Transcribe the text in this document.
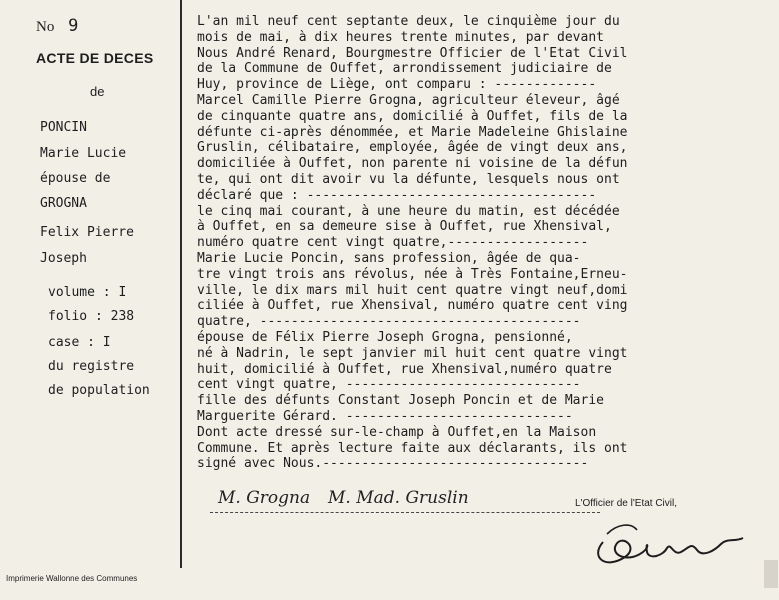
No 9
ACTE DE DECES
de
PONCIN
Marie Lucie
épouse de
GROGNA
Felix Pierre
Joseph
volume : I
folio : 238
case : I
du registre
de population
L'an mil neuf cent septante deux, le cinquième jour du
mois de mai, à dix heures trente minutes, par devant
Nous André Renard, Bourgmestre Officier de l'Etat Civil
de la Commune de Ouffet, arrondissement judiciaire de
Huy, province de Liège, ont comparu : -------------
Marcel Camille Pierre Grogna, agriculteur éleveur, âgé
de cinquante quatre ans, domicilié à Ouffet, fils de la
défunte ci-après dénommée, et Marie Madeleine Ghislaine
Gruslin, célibataire, employée, âgée de vingt deux ans,
domiciliée à Ouffet, non parente ni voisine de la défun
te, qui ont dit avoir vu la défunte, lesquels nous ont
déclaré que : -------------------------------------
le cinq mai courant, à une heure du matin, est décédée
à Ouffet, en sa demeure sise à Ouffet, rue Xhensival,
numéro quatre cent vingt quatre,------------------
Marie Lucie Poncin, sans profession, âgée de qua-
tre vingt trois ans révolus, née à Très Fontaine,Erneu-
ville, le dix mars mil huit cent quatre vingt neuf,domi
ciliée à Ouffet, rue Xhensival, numéro quatre cent ving
quatre, -----------------------------------------
épouse de Félix Pierre Joseph Grogna, pensionné,
né à Nadrin, le sept janvier mil huit cent quatre vingt
huit, domicilié à Ouffet, rue Xhensival,numéro quatre
cent vingt quatre, ------------------------------
fille des défunts Constant Joseph Poncin et de Marie
Marguerite Gérard. -----------------------------
Dont acte dressé sur-le-champ à Ouffet,en la Maison
Commune. Et après lecture faite aux déclarants, ils ont
signé avec Nous.----------------------------------
M. Grogna M. Mad. Gruslin	L'Officier de l'Etat Civil,
Imprimerie Wallonne des Communes
